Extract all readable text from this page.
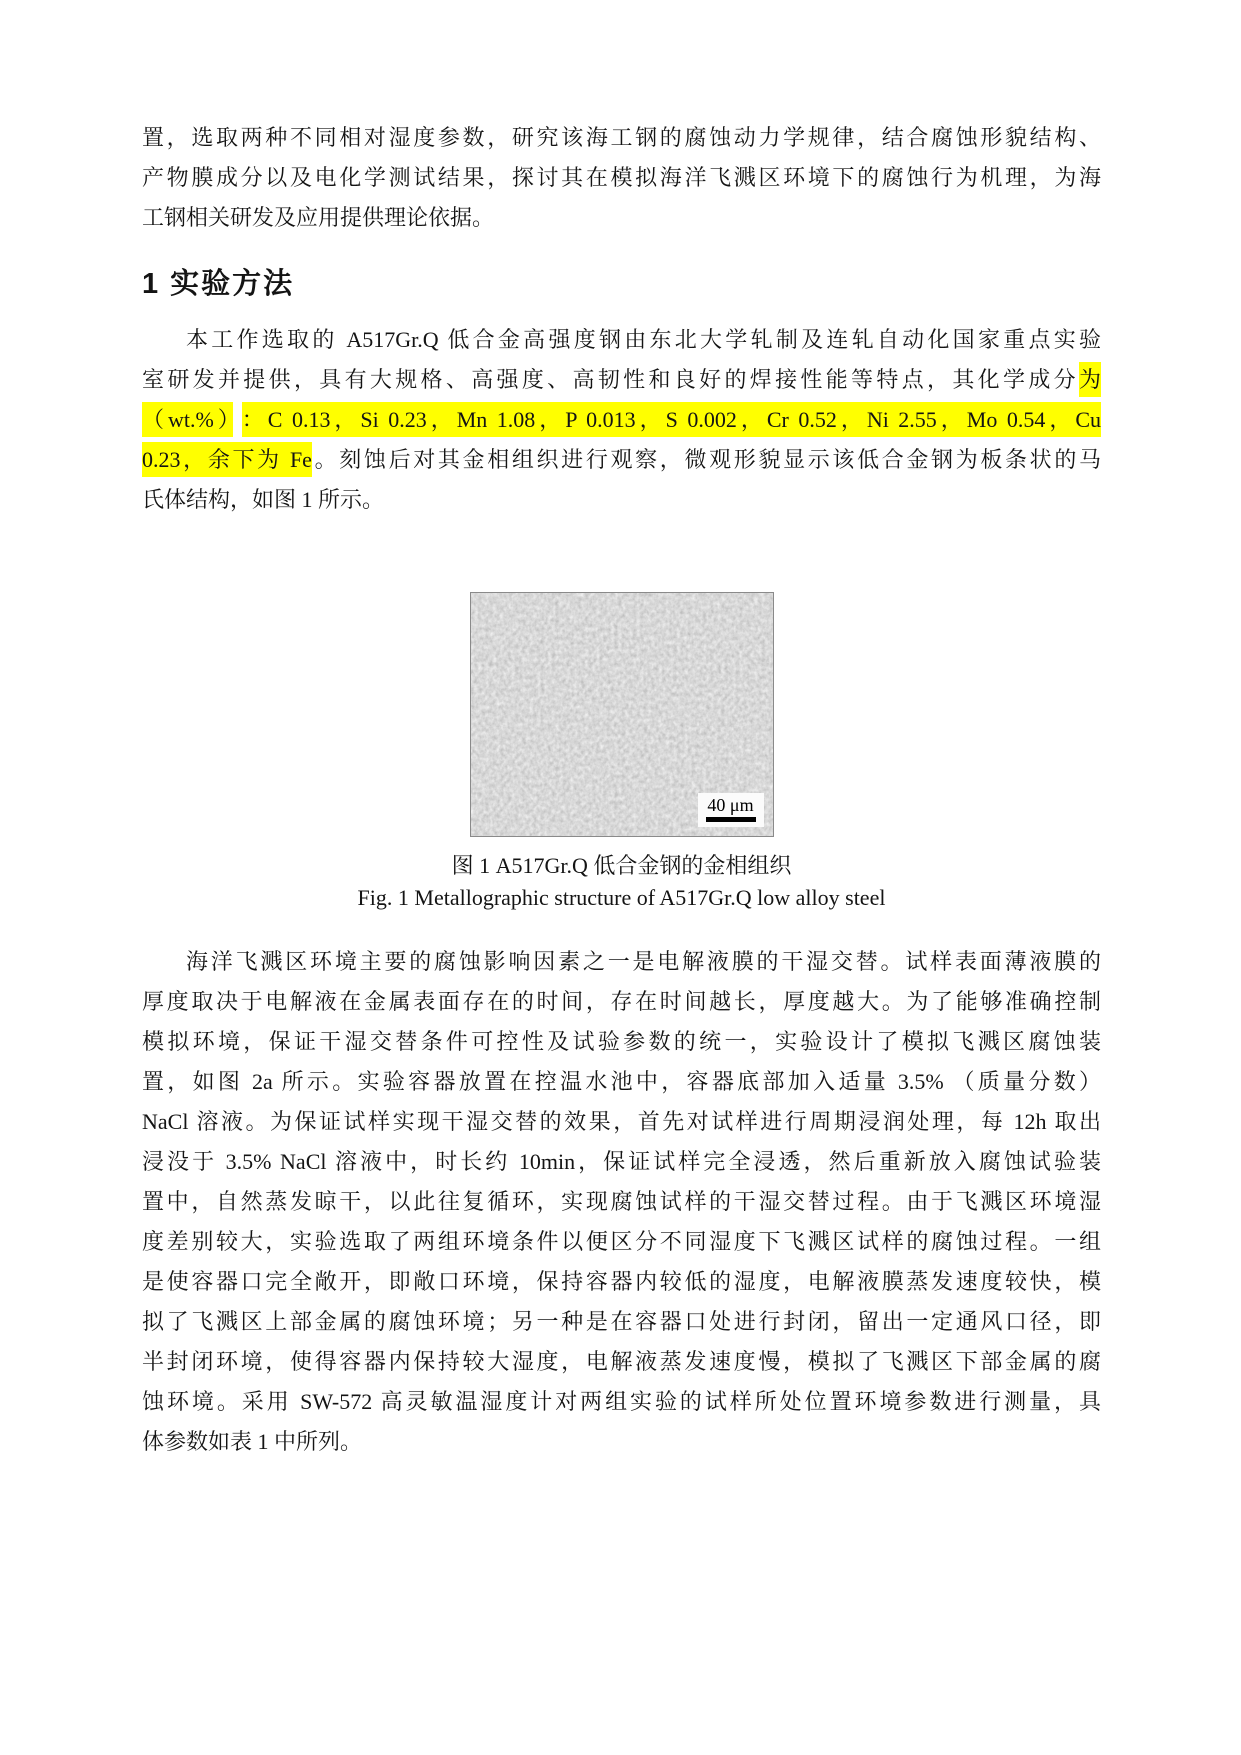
置，选取两种不同相对湿度参数，研究该海工钢的腐蚀动力学规律，结合腐蚀形貌结构、
产物膜成分以及电化学测试结果，探讨其在模拟海洋飞溅区环境下的腐蚀行为机理，为海
工钢相关研发及应用提供理论依据。
1 实验方法
本工作选取的 A517Gr.Q 低合金高强度钢由东北大学轧制及连轧自动化国家重点实验
室研发并提供，具有大规格、高强度、高韧性和良好的焊接性能等特点，其化学成分为
（wt.%） ：C 0.13，Si 0.23，Mn 1.08，P 0.013，S 0.002，Cr 0.52，Ni 2.55，Mo 0.54，Cu
0.23，余下为 Fe。刻蚀后对其金相组织进行观察，微观形貌显示该低合金钢为板条状的马
氏体结构，如图 1 所示。
40 μm
图 1 A517Gr.Q 低合金钢的金相组织
Fig. 1 Metallographic structure of A517Gr.Q low alloy steel
海洋飞溅区环境主要的腐蚀影响因素之一是电解液膜的干湿交替。试样表面薄液膜的
厚度取决于电解液在金属表面存在的时间，存在时间越长，厚度越大。为了能够准确控制
模拟环境，保证干湿交替条件可控性及试验参数的统一，实验设计了模拟飞溅区腐蚀装
置，如图 2a 所示。实验容器放置在控温水池中，容器底部加入适量 3.5% （质量分数）
NaCl 溶液。为保证试样实现干湿交替的效果，首先对试样进行周期浸润处理，每 12h 取出
浸没于 3.5% NaCl 溶液中，时长约 10min，保证试样完全浸透，然后重新放入腐蚀试验装
置中，自然蒸发晾干，以此往复循环，实现腐蚀试样的干湿交替过程。由于飞溅区环境湿
度差别较大，实验选取了两组环境条件以便区分不同湿度下飞溅区试样的腐蚀过程。一组
是使容器口完全敞开，即敞口环境，保持容器内较低的湿度，电解液膜蒸发速度较快，模
拟了飞溅区上部金属的腐蚀环境；另一种是在容器口处进行封闭，留出一定通风口径，即
半封闭环境，使得容器内保持较大湿度，电解液蒸发速度慢，模拟了飞溅区下部金属的腐
蚀环境。采用 SW-572 高灵敏温湿度计对两组实验的试样所处位置环境参数进行测量，具
体参数如表 1 中所列。
